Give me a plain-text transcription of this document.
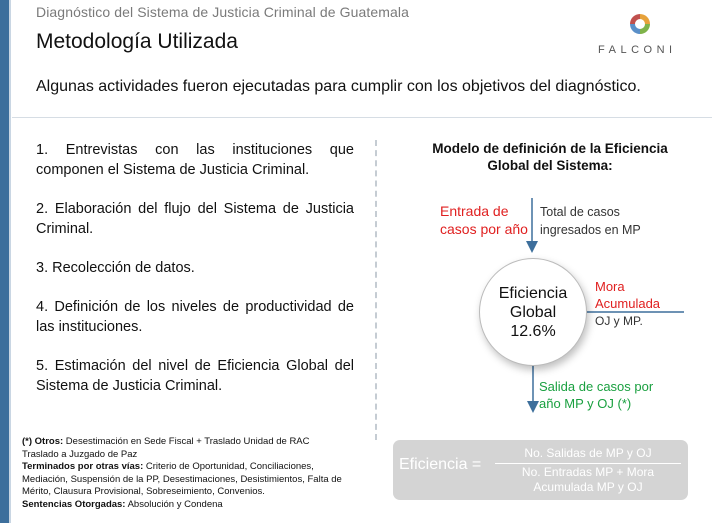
Diagnóstico del Sistema de Justicia Criminal de Guatemala
Metodología Utilizada	FALCONI
Algunas actividades fueron ejecutadas para cumplir con los objetivos del diagnóstico.
1. Entrevistas con las instituciones que componen el Sistema de Justicia Criminal.
2. Elaboración del flujo del Sistema de Justicia Criminal.
3. Recolección de datos.
4. Definición de los niveles de productividad de las instituciones.
5. Estimación del nivel de Eficiencia Global del Sistema de Justicia Criminal.
(*) Otros: Desestimación en Sede Fiscal + Traslado Unidad de RAC
Traslado a Juzgado de Paz
Terminados por otras vías: Criterio de Oportunidad, Conciliaciones, Mediación, Suspensión de la PP, Desestimaciones, Desistimientos, Falta de Mérito, Clausura Provisional, Sobreseimiento, Convenios.
Sentencias Otorgadas: Absolución y Condena
Modelo de definición de la Eficiencia
Global del Sistema:
Entrada de
casos por año
Total de casos
ingresados en MP
Eficiencia
Global
12.6%
Mora
Acumulada
OJ y MP.
Salida de casos por
año MP y OJ (*)
Eficiencia =
No. Salidas de MP y OJ
No. Entradas MP + Mora
Acumulada MP y OJ
